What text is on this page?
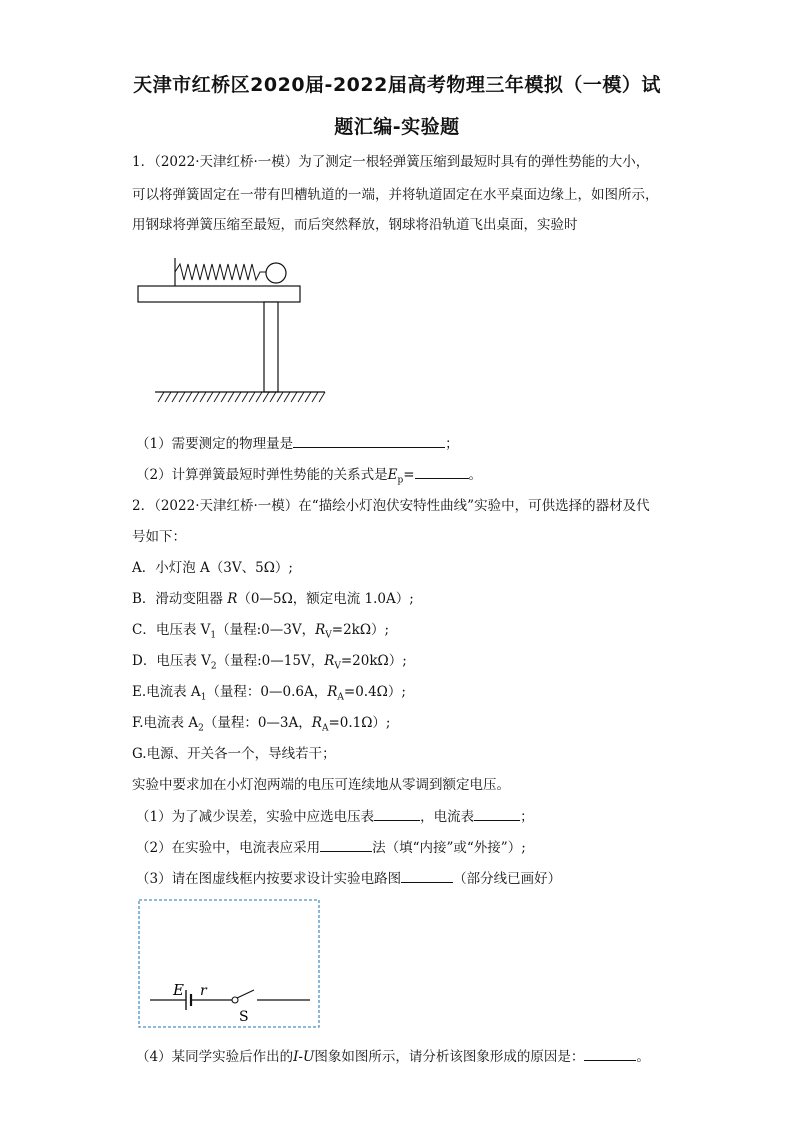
天津市红桥区2020届-2022届高考物理三年模拟（一模）试
题汇编-实验题
1．（2022·天津红桥·一模）为了测定一根轻弹簧压缩到最短时具有的弹性势能的大小，
可以将弹簧固定在一带有凹槽轨道的一端，并将轨道固定在水平桌面边缘上，如图所示，
用钢球将弹簧压缩至最短，而后突然释放，钢球将沿轨道飞出桌面，实验时
（1）需要测定的物理量是	；
（2）计算弹簧最短时弹性势能的关系式是$E_p=$	。
2．（2022·天津红桥·一模）在“描绘小灯泡伏安特性曲线”实验中，可供选择的器材及代
号如下：
A．小灯泡 A（3V、5Ω）;
B．滑动变阻器 R（0—5Ω，额定电流 1.0A）;
C．电压表 $V_1$（量程:0—3V，$R_V=2k\Omega$）;
D．电压表 $V_2$（量程:0—15V，$R_V=20k\Omega$）;
E.电流表 $A_1$（量程：0—0.6A，$R_A=0.4\Omega$）;
F.电流表 $A_2$（量程：0—3A，$R_A=0.1\Omega$）;
G.电源、开关各一个，导线若干；
实验中要求加在小灯泡两端的电压可连续地从零调到额定电压。
（1）为了减少误差，实验中应选电压表	，电流表	；
（2）在实验中，电流表应采用	法（填“内接”或“外接”）;
（3）请在图虚线框内按要求设计实验电路图	（部分线已画好）
E r
S
（4）某同学实验后作出的I-U图象如图所示，请分析该图象形成的原因是：	。
